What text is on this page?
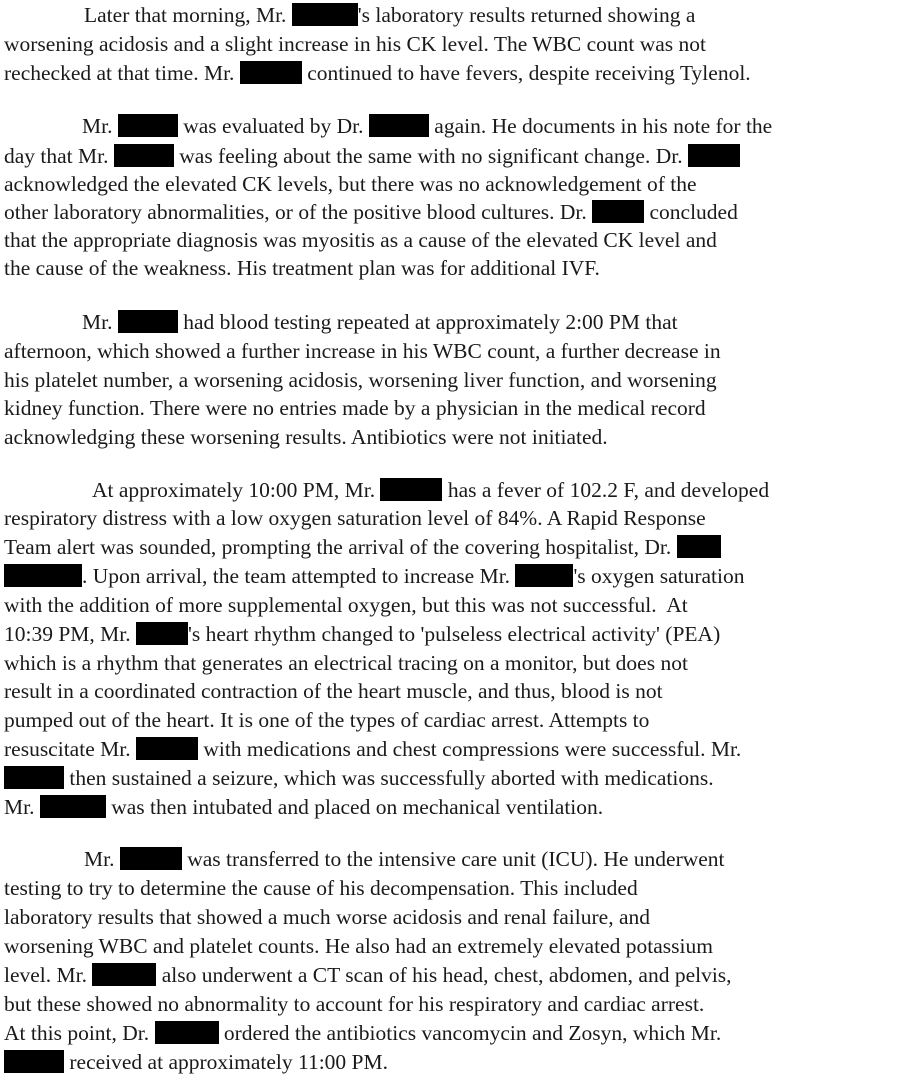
Later that morning, Mr.	's laboratory results returned showing a
worsening acidosis and a slight increase in his CK level. The WBC count was not
rechecked at that time. Mr.	continued to have fevers, despite receiving Tylenol.
Mr.	was evaluated by Dr.	again. He documents in his note for the
day that Mr.	was feeling about the same with no significant change. Dr.
acknowledged the elevated CK levels, but there was no acknowledgement of the
other laboratory abnormalities, or of the positive blood cultures. Dr.  concluded
that the appropriate diagnosis was myositis as a cause of the elevated CK level and
the cause of the weakness. His treatment plan was for additional IVF.
Mr.	had blood testing repeated at approximately 2:00 PM that
afternoon, which showed a further increase in his WBC count, a further decrease in
his platelet number, a worsening acidosis, worsening liver function, and worsening
kidney function. There were no entries made by a physician in the medical record
acknowledging these worsening results. Antibiotics were not initiated.
At approximately 10:00 PM, Mr.	has a fever of 102.2 F, and developed
respiratory distress with a low oxygen saturation level of 84%. A Rapid Response
Team alert was sounded, prompting the arrival of the covering hospitalist, Dr.
. Upon arrival, the team attempted to increase Mr.	's oxygen saturation
with the addition of more supplemental oxygen, but this was not successful.  At
10:39 PM, Mr. 's heart rhythm changed to 'pulseless electrical activity' (PEA)
which is a rhythm that generates an electrical tracing on a monitor, but does not
result in a coordinated contraction of the heart muscle, and thus, blood is not
pumped out of the heart. It is one of the types of cardiac arrest. Attempts to
resuscitate Mr.	with medications and chest compressions were successful. Mr.
then sustained a seizure, which was successfully aborted with medications.
Mr.	was then intubated and placed on mechanical ventilation.
Mr.	was transferred to the intensive care unit (ICU). He underwent
testing to try to determine the cause of his decompensation. This included
laboratory results that showed a much worse acidosis and renal failure, and
worsening WBC and platelet counts. He also had an extremely elevated potassium
level. Mr.	also underwent a CT scan of his head, chest, abdomen, and pelvis,
but these showed no abnormality to account for his respiratory and cardiac arrest.
At this point, Dr.	ordered the antibiotics vancomycin and Zosyn, which Mr.
received at approximately 11:00 PM.
